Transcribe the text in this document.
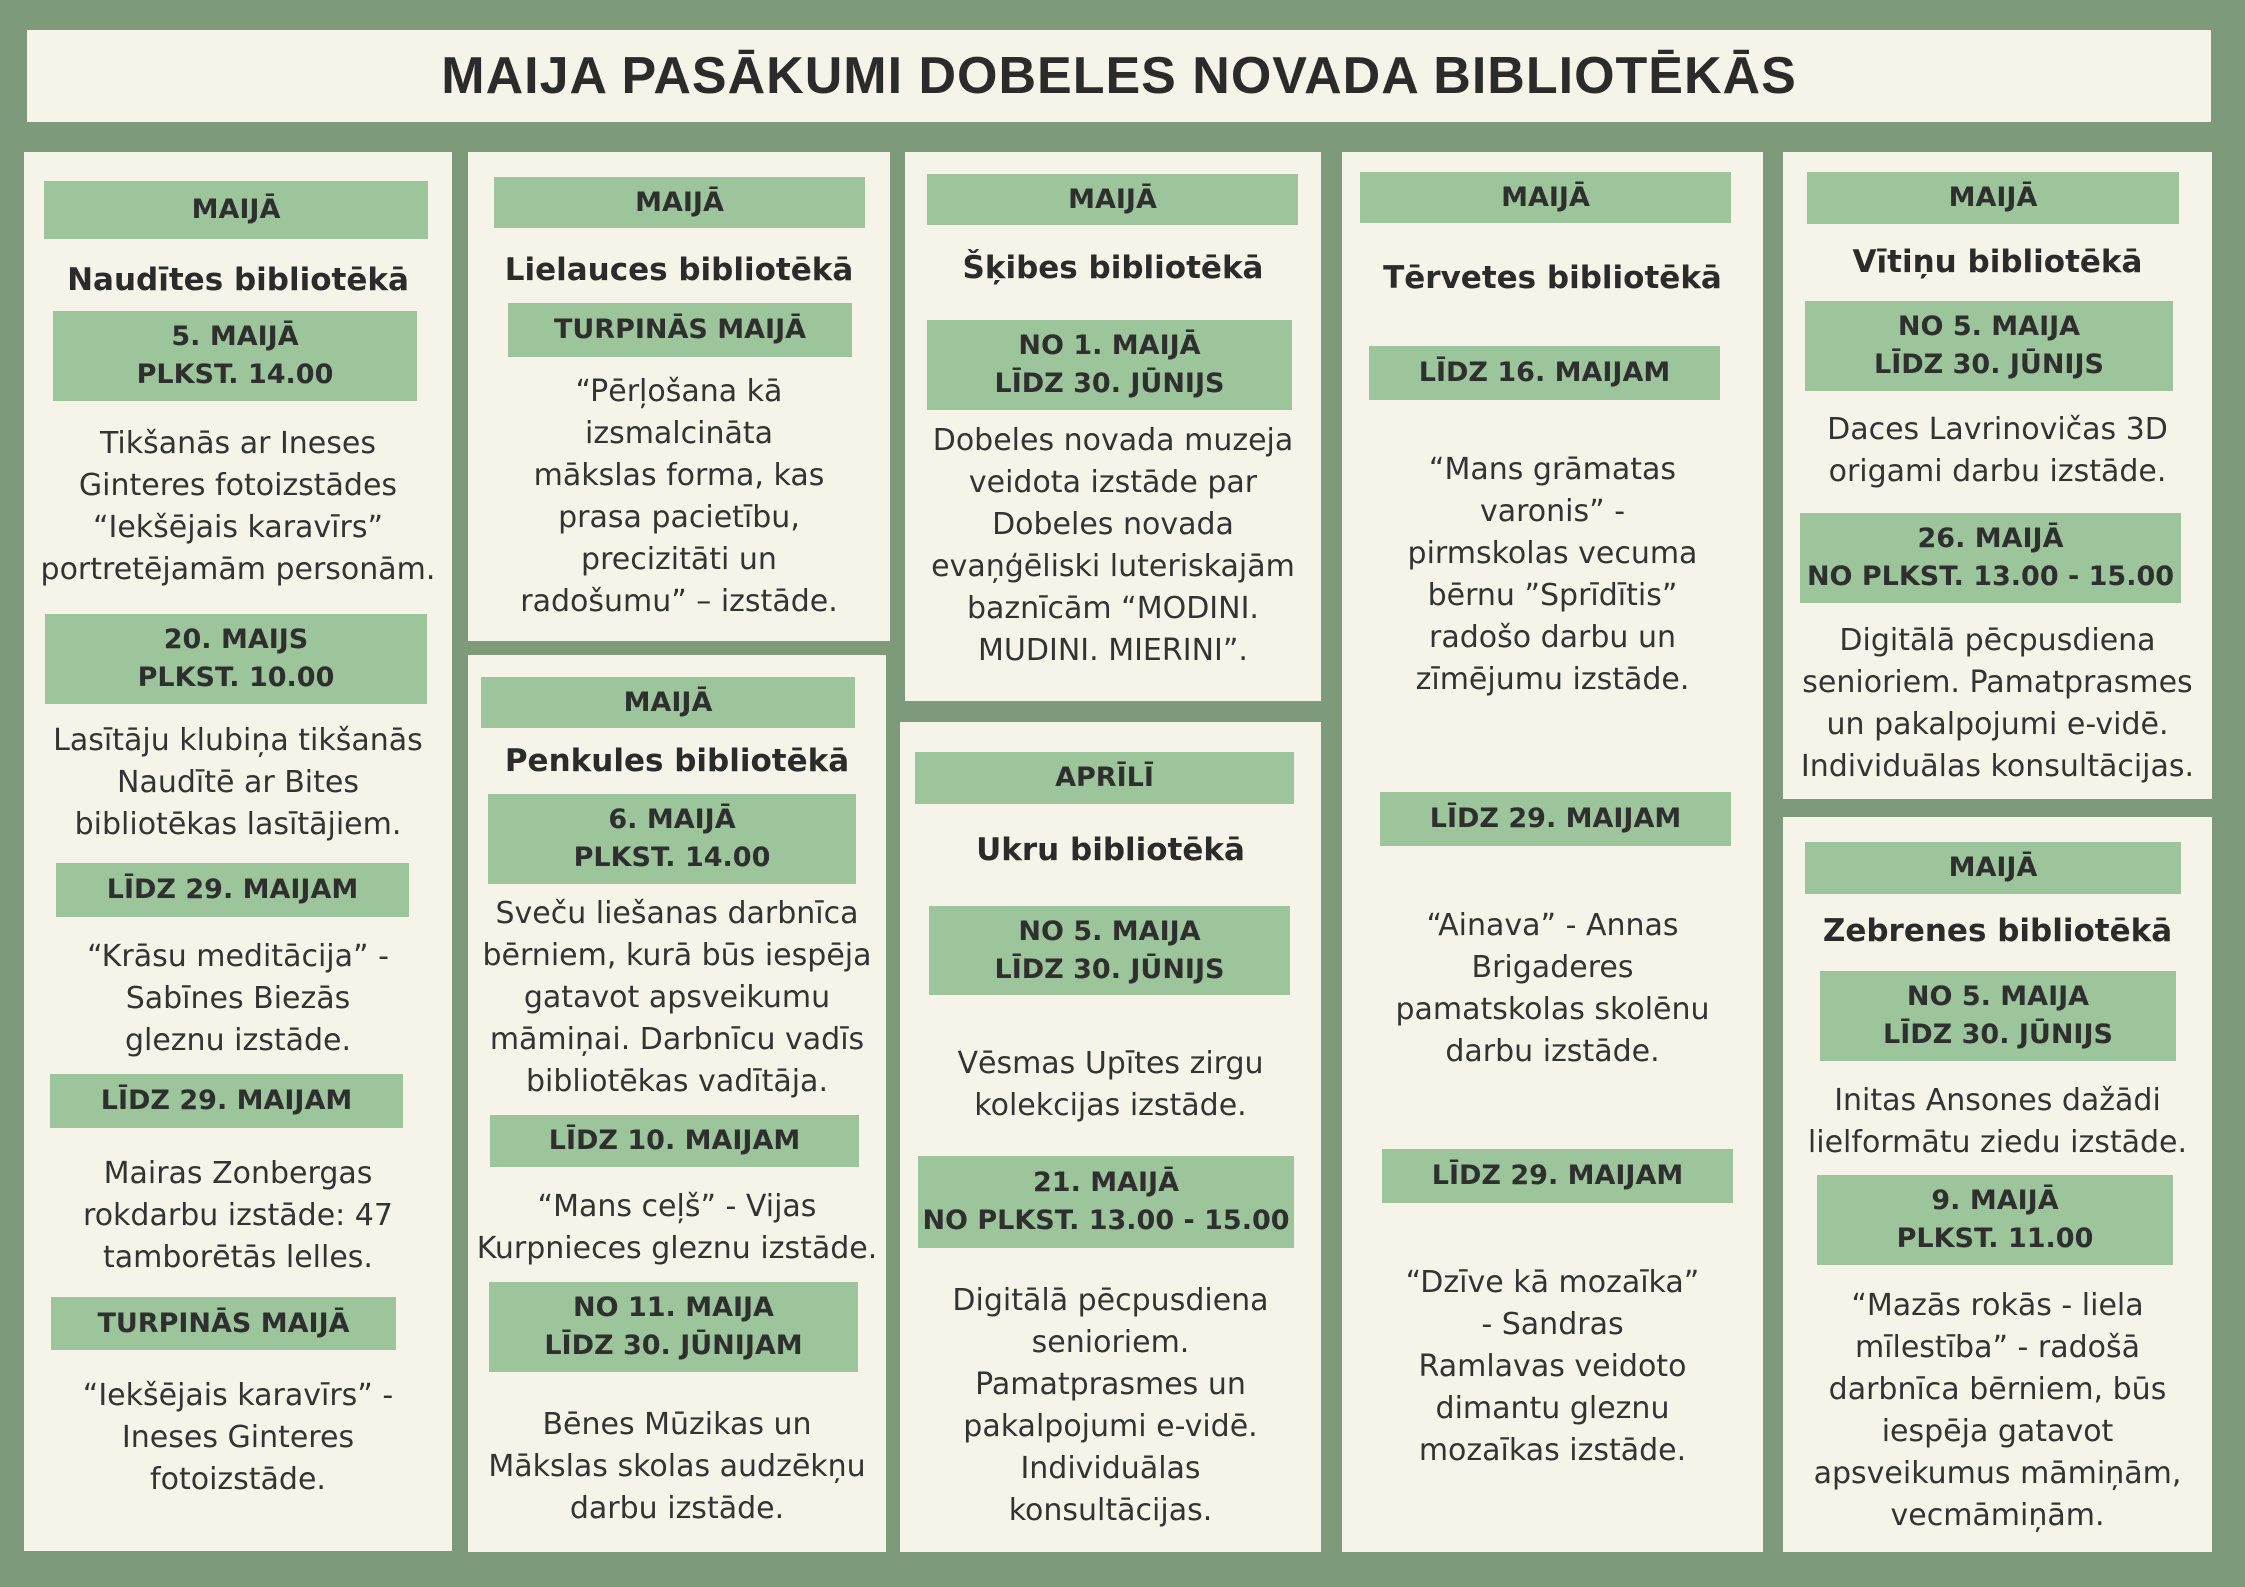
MAIJA PASĀKUMI DOBELES NOVADA BIBLIOTĒKĀS
MAIJĀ
Naudītes bibliotēkā
5. MAIJĀ
PLKST. 14.00
Tikšanās ar Ineses
Ginteres fotoizstādes
“Iekšējais karavīrs”
portretējamām personām.
20. MAIJS
PLKST. 10.00
Lasītāju klubiņa tikšanās
Naudītē ar Bites
bibliotēkas lasītājiem.
LĪDZ 29. MAIJAM
“Krāsu meditācija” -
Sabīnes Biezās
gleznu izstāde.
LĪDZ 29. MAIJAM
Mairas Zonbergas
rokdarbu izstāde: 47
tamborētās lelles.
TURPINĀS MAIJĀ
“Iekšējais karavīrs” -
Ineses Ginteres
fotoizstāde.
MAIJĀ
Lielauces bibliotēkā
TURPINĀS MAIJĀ
“Pērļošana kā
izsmalcināta
mākslas forma, kas
prasa pacietību,
precizitāti un
radošumu” – izstāde.
MAIJĀ
Penkules bibliotēkā
6. MAIJĀ
PLKST. 14.00
Sveču liešanas darbnīca
bērniem, kurā būs iespēja
gatavot apsveikumu
māmiņai. Darbnīcu vadīs
bibliotēkas vadītāja.
LĪDZ 10. MAIJAM
“Mans ceļš” - Vijas
Kurpnieces gleznu izstāde.
NO 11. MAIJA
LĪDZ 30. JŪNIJAM
Bēnes Mūzikas un
Mākslas skolas audzēkņu
darbu izstāde.
MAIJĀ
Šķibes bibliotēkā
NO 1. MAIJĀ
LĪDZ 30. JŪNIJS
Dobeles novada muzeja
veidota izstāde par
Dobeles novada
evaņģēliski luteriskajām
baznīcām “MODINI.
MUDINI. MIERINI”.
APRĪLĪ
Ukru bibliotēkā
NO 5. MAIJA
LĪDZ 30. JŪNIJS
Vēsmas Upītes zirgu
kolekcijas izstāde.
21. MAIJĀ
NO PLKST. 13.00 - 15.00
Digitālā pēcpusdiena
senioriem.
Pamatprasmes un
pakalpojumi e-vidē.
Individuālas
konsultācijas.
MAIJĀ
Tērvetes bibliotēkā
LĪDZ 16. MAIJAM
“Mans grāmatas
varonis” -
pirmskolas vecuma
bērnu ”Sprīdītis”
radošo darbu un
zīmējumu izstāde.
LĪDZ 29. MAIJAM
“Ainava” - Annas
Brigaderes
pamatskolas skolēnu
darbu izstāde.
LĪDZ 29. MAIJAM
“Dzīve kā mozaīka”
- Sandras
Ramlavas veidoto
dimantu gleznu
mozaīkas izstāde.
MAIJĀ
Vītiņu bibliotēkā
NO 5. MAIJA
LĪDZ 30. JŪNIJS
Daces Lavrinovičas 3D
origami darbu izstāde.
26. MAIJĀ
NO PLKST. 13.00 - 15.00
Digitālā pēcpusdiena
senioriem. Pamatprasmes
un pakalpojumi e-vidē.
Individuālas konsultācijas.
MAIJĀ
Zebrenes bibliotēkā
NO 5. MAIJA
LĪDZ 30. JŪNIJS
Initas Ansones dažādi
lielformātu ziedu izstāde.
9. MAIJĀ
PLKST. 11.00
“Mazās rokās - liela
mīlestība” - radošā
darbnīca bērniem, būs
iespēja gatavot
apsveikumus māmiņām,
vecmāmiņām.
